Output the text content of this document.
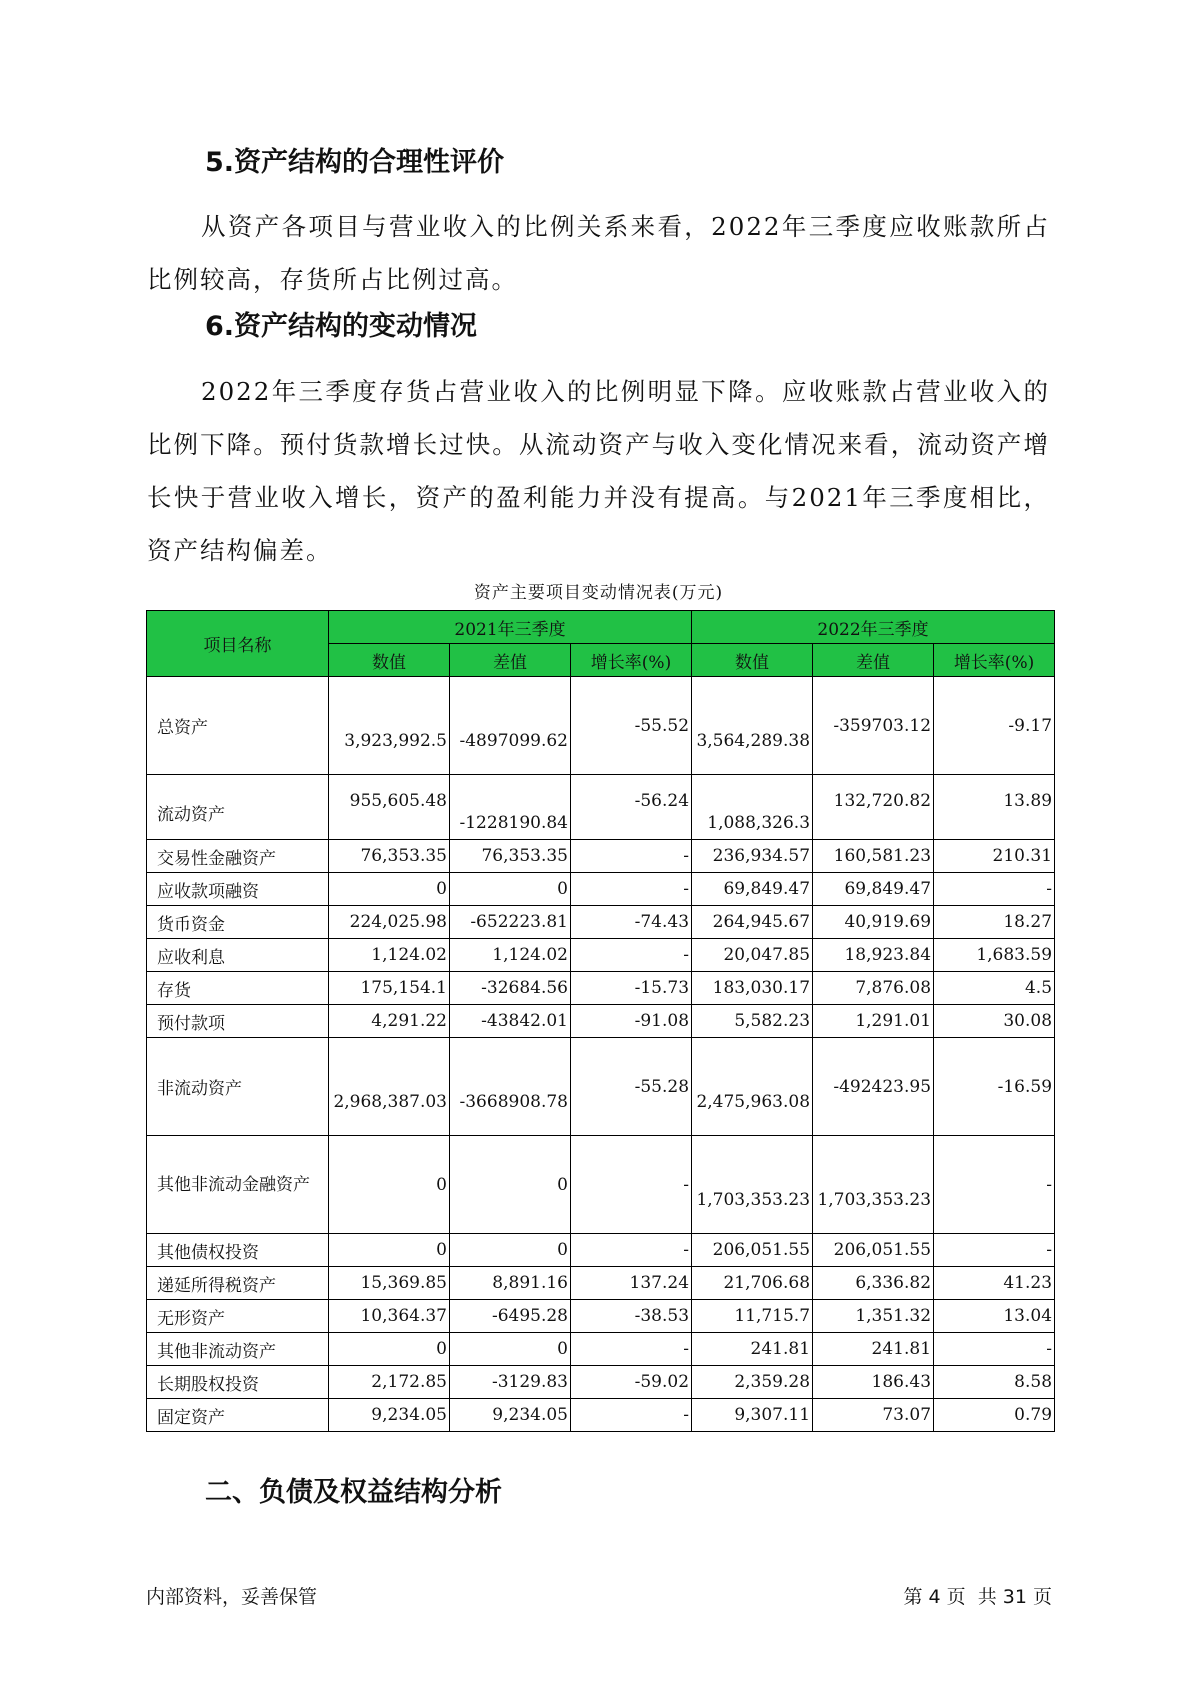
5.资产结构的合理性评价
从资产各项目与营业收入的比例关系来看，2022年三季度应收账款所占比例较高，存货所占比例过高。
6.资产结构的变动情况
2022年三季度存货占营业收入的比例明显下降。应收账款占营业收入的比例下降。预付货款增长过快。从流动资产与收入变化情况来看，流动资产增长快于营业收入增长，资产的盈利能力并没有提高。与2021年三季度相比，资产结构偏差。
资产主要项目变动情况表(万元)
项目名称	2021年三季度			2022年三季度		
	数值	差值	增长率(%)	数值	差值	增长率(%)
总资产	3,923,992.5	-4897099.62	-55.52	3,564,289.38	-359703.12	-9.17
流动资产	955,605.48	-1228190.84	-56.24	1,088,326.3	132,720.82	13.89
交易性金融资产	76,353.35	76,353.35	-	236,934.57	160,581.23	210.31
应收款项融资	0	0	-	69,849.47	69,849.47	-
货币资金	224,025.98	-652223.81	-74.43	264,945.67	40,919.69	18.27
应收利息	1,124.02	1,124.02	-	20,047.85	18,923.84	1,683.59
存货	175,154.1	-32684.56	-15.73	183,030.17	7,876.08	4.5
预付款项	4,291.22	-43842.01	-91.08	5,582.23	1,291.01	30.08
非流动资产	2,968,387.03	-3668908.78	-55.28	2,475,963.08	-492423.95	-16.59
其他非流动金融资产	0	0	-	1,703,353.23	1,703,353.23	-
其他债权投资	0	0	-	206,051.55	206,051.55	-
递延所得税资产	15,369.85	8,891.16	137.24	21,706.68	6,336.82	41.23
无形资产	10,364.37	-6495.28	-38.53	11,715.7	1,351.32	13.04
其他非流动资产	0	0	-	241.81	241.81	-
长期股权投资	2,172.85	-3129.83	-59.02	2,359.28	186.43	8.58
固定资产	9,234.05	9,234.05	-	9,307.11	73.07	0.79
二、负债及权益结构分析
内部资料，妥善保管	第 4 页  共 31 页
